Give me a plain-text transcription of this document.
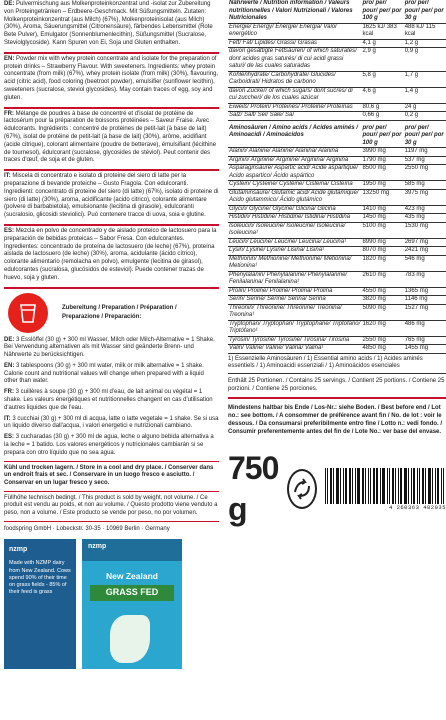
DE: Pulvermischung aus Molkenproteinkonzentrat und -isolat zur Zubereitung von Proteingetränken – Erdbeere-Geschmack. Mit Süßungsmitteln. Zutaten: Molkenproteinkonzentrat (aus Milch) (67%), Molkenproteinisolat (aus Milch) (30%), Aroma, Säuerungsmittel (Citronensäure), färbendes Lebensmittel (Rote Bete Pulver), Emulgator (Sonnenblumenlecithin), Süßungsmittel (Sucralose, Steviolglycoside). Kann Spuren von Ei, Soja und Gluten enthalten.

EN: Powder mix with whey protein concentrate and isolate for the preparation of protein drinks – Strawberry Flavour. With sweeteners. Ingredients: whey protein concentrate (from milk) (67%), whey protein isolate (from milk) (30%), flavouring, acid (citric acid), food coloring (beetroot powder), emulsifier (sunflower lecithin), sweeteners (sucralose, steviol glycosides). May contain traces of egg, soy and gluten.

FR: Mélange de poudres à base de concentré et d'isolat de protéine de lactosérum pour la préparation de boissons protéinées – Saveur Fraise. Avec édulcorants. Ingrédients : concentré de protéines de petit-lait (à base de lait) (67%), isolat de protéine de petit-lait (à base de lait) (30%), arôme, acidifiant (acide citrique), colorant alimentaire (poudre de betterave), émulsifiant (lécithine de tournesol), édulcorant (sucralose, glycosides de stéviol). Peut contenir des traces d'œuf, de soja et de gluten.

IT: Miscela di concentrato e isolato di proteine del siero di latte per la preparazione di bevande proteiche – Gusto Fragola. Con edulcoranti. Ingredienti: concentrato di proteine del siero (di latte) (67%), isolato di proteine di siero (di latte) (30%), aroma, acidificante (acido citrico), colorante alimentare (polvere di barbabietola), emulsionante (lecitina di girasole), edulcoranti (sucralosio, glicosidi steviolici). Può contenere tracce di uova, soia e glutine.

ES: Mezcla en polvo de concentrado y de aislado proteico de lactosuero para la preparación de bebidas proteicas – Sabor Fresa. Con edulcorantes. Ingredientes: concentrado de proteína de lactosuero (de leche) (67%), proteína aislada de lactosuero (de leche) (30%), aroma, acidulante (ácido cítrico), colorante alimentario (remolacha en polvo), emulgente (lecitina de girasol), edulcorantes (sucralosa, glucósidos de esteviol). Puede contener trazas de huevo, soja y gluten.

Zubereitung / Preparation / Préparation /
Preparazione / Preparación:

DE: 3 Esslöffel (30 g) + 300 ml Wasser, Milch oder Milch-Alternative = 1 Shake. Bei Verwendung alternativen als mit Wasser sind geänderte Brenn- und Nährwerte zu berücksichtigen.

EN: 3 tablespoons (30 g) + 300 ml water, milk or milk alternative = 1 shake. Calorie count and nutritional values will change when prepared with a liquid other than water.

FR: 3 cuillères à soupe (30 g) + 300 ml d'eau, de lait animal ou végétal = 1 shake. Les valeurs énergétiques et nutritionnelles changent en cas d'utilisation d'autres liquides que de l'eau.

IT: 3 cucchiai (30 g) + 300 ml di acqua, latte o latte vegetale = 1 shake. Se si usa un liquido diverso dall'acqua, i valori energetici e nutrizionali cambiano.

ES: 3 cucharadas (30 g) + 300 ml de agua, leche o alguno bebida alternativa a la leche = 1 batido. Los valores energéticos y nutricionales cambiarán si se prepara con otro líquido que no sea agua.

Kühl und trocken lagern. / Store in a cool and dry place. / Conserver dans un endroit frais et sec. / Conservare in un luogo fresco e asciutto. / Conservar en un lugar fresco y seco.
Füllhöhe technisch bedingt. / This product is sold by weight, not volume. / Ce produit est vendu au poids, et non au volume. / Questo prodotto viene venduto a peso, non a volume. / Este producto se vende por peso, no por volumen.
foodspring GmbH · Lobeckstr. 30-35 · 10969 Berlin · Germany
nzmp
Made with NZMP dairy from New Zealand. Cows spend 90% of their time on grass fields - 85% of their feed is grass
nzmp
New Zealand
GRASS FED
Nährwerte / Nutrition information / Valeurs nutritionnelles / Valori Nutrizionali / Valores Nutricionales	pro/ per/ pour/ per/ por 100 g	pro/ per/ pour/ per/ por 30 g
Energie/ Energy/ Énergie/ Energia/ Valor energético	1625 kJ/ 383 kcal	488 kJ/ 115 kcal
Fett/ Fat/ Lipides/ Grassi/ Grasas	4,1 g	1,2 g
davon gesättigte Fettsäuren/ of which saturates/ dont acides gras saturés/ di cui acidi grassi saturi/ de las cuales saturadas	2,9 g	0,9 g
Kohlenhydrate/ Carbohydrate/ Glucides/ Carboidrati/ Hidratos de carbono	5,8 g	1,7 g
davon Zucker/ of which sugars/ dont sucres/ di cui zuccheri/ de los cuales azúcar	4,6 g	1,4 g
Eiweiß/ Protein/ Protéines/ Proteine/ Proteínas	80,6 g	24 g
Salz/ Salt/ Sel/ Sale/ Sal	0,66 g	0,2 g
Aminosäuren / Amino acids / Acides aminés / Aminoacidi / Aminoácidos	pro/ per/ pour/ per/ por 100 g	pro/ per/ pour/ per/ por 30 g
Alanin/ Alanine/ Alanine/ Alanina/ Alanina	3990 mg	1197 mg
Arginin/ Arginine/ Arginine/ Arginina/ Arginina	1790 mg	537 mg
Asparaginsäure/ Aspartic acid/ Acide aspartique/ Acido aspartico/ Ácido aspártico	8500 mg	2550 mg
Cystein/ Cysteine/ Cystéine/ Cisteina/ Cisteína	1950 mg	585 mg
Glutaminsäure/ Glutamic acid/ Acide glutamique/ Acido glutammico/ Ácido glutámico	13250 mg	3975 mg
Glycin/ Glycine/ Glycine/ Glicina/ Glicina	1410 mg	423 mg
Histidin/ Histidine/ Histidine/ Istidina/ Histidina	1450 mg	435 mg
Isoleucin/ Isoleucine/ Isoleucine/ Isoleucina/ Isoleucina¹	5100 mg	1530 mg
Leucin/ Leucine/ Leucine/ Leucina/ Leucina¹	8990 mg	2697 mg
Lysin/ Lysine/ Lysine/ Lisina/ Lisina¹	8070 mg	2421 mg
Methionin/ Methionine/ Méthionine/ Metionina/ Metionina¹	1820 mg	546 mg
Phenylalanin/ Phenylalanine/ Phénylalanine/ Fenilalanina/ Fenilalanina¹	2610 mg	783 mg
Prolin/ Proline/ Proline/ Prolina/ Prolina	4550 mg	1365 mg
Serin/ Serine/ Sérine/ Serina/ Serina	3820 mg	1146 mg
Threonin/ Threonine/ Thréonine/ Treonina/ Treonina¹	5090 mg	1527 mg
Tryptophan/ Tryptophan/ Tryptophane/ Triptofano/ Triptófano¹	1620 mg	486 mg
Tyrosin/ Tyrosine/ Tyrosine/ Tirosina/ Tirosina	2550 mg	765 mg
Valin/ Valine/ Valine/ Valina/ Valina¹	4850 mg	1455 mg
1) Essenzielle Aminosäuren / 1) Essential amino acids / 1) Acides aminés essentiels / 1) Aminoacidi essenziali / 1) Aminoácidos esenciales
Enthält 25 Portionen. / Contains 25 servings. / Contient 25 portions. / Contiene 25 porzioni. / Contiene 25 porciones.
Mindestens haltbar bis Ende / Los-Nr.: siehe Boden. / Best before end / Lot no.: see bottom. / A consommer de préférence avant fin / No. de lot : voir le dessous. / Da consumarsi preferibilmente entro fine / Lotto n.: vedi fondo. / Consumir preferentemente antes del fin de / Lote No.: ver base del envase.
750 g	4 260363 482035
